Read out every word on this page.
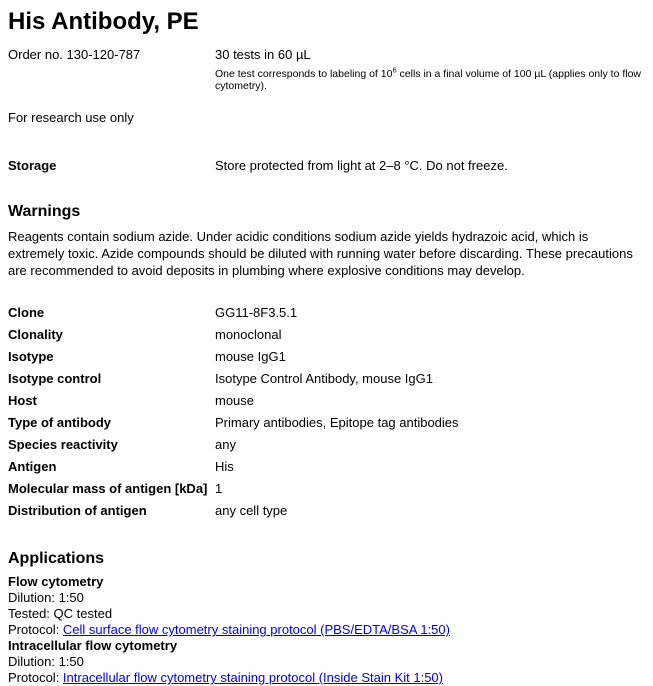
His Antibody, PE
Order no. 130-120-787	30 tests in 60 µL
One test corresponds to labeling of $10^6$ cells in a final volume of 100 µL (applies only to flow cytometry).
For research use only
Storage	Store protected from light at 2–8 °C. Do not freeze.
Warnings

Reagents contain sodium azide. Under acidic conditions sodium azide yields hydrazoic acid, which is extremely toxic. Azide compounds should be diluted with running water before discarding. These precautions are recommended to avoid deposits in plumbing where explosive conditions may develop.

Clone	GG11-8F3.5.1
Clonality	monoclonal
Isotype	mouse IgG1
Isotype control	Isotype Control Antibody, mouse IgG1
Host	mouse
Type of antibody	Primary antibodies, Epitope tag antibodies
Species reactivity	any
Antigen	His
Molecular mass of antigen [kDa] 1
Distribution of antigen	any cell type
Applications
Flow cytometry
Dilution: 1:50
Tested: QC tested
Protocol: Cell surface flow cytometry staining protocol (PBS/EDTA/BSA 1:50)
Intracellular flow cytometry
Dilution: 1:50
Protocol: Intracellular flow cytometry staining protocol (Inside Stain Kit 1:50)
